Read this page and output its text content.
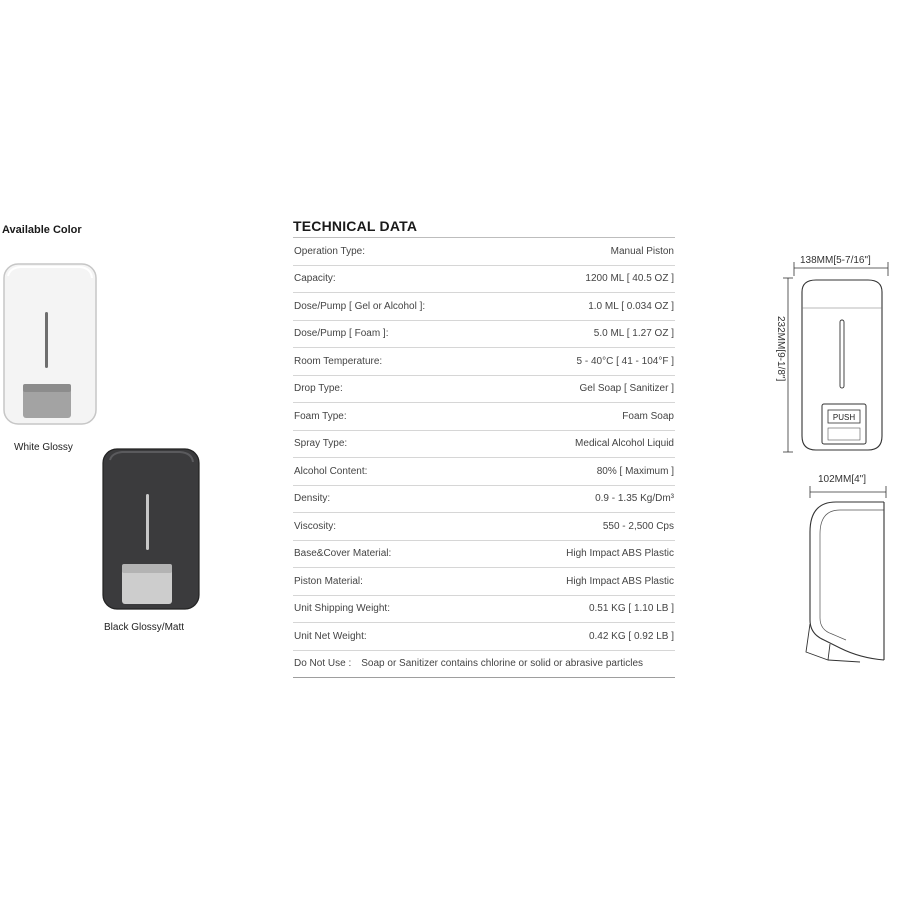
Available Color
White Glossy
Black Glossy/Matt
TECHNICAL DATA
Operation Type:	Manual Piston
Capacity:	1200 ML [ 40.5 OZ ]
Dose/Pump [ Gel or Alcohol ]:	1.0 ML [ 0.034 OZ ]
Dose/Pump [ Foam ]:	5.0 ML [ 1.27 OZ ]
Room Temperature:	5 - 40°C [ 41 - 104°F ]
Drop Type:	Gel Soap [ Sanitizer ]
Foam Type:	Foam Soap
Spray Type:	Medical Alcohol Liquid
Alcohol Content:	80% [ Maximum ]
Density:	0.9 - 1.35 Kg/Dm³
Viscosity:	550 - 2,500 Cps
Base&Cover Material:	High Impact ABS Plastic
Piston Material:	High Impact ABS Plastic
Unit Shipping Weight:	0.51 KG [ 1.10 LB ]
Unit Net Weight:	0.42 KG [ 0.92 LB ]
Do Not Use : Soap or Sanitizer contains chlorine or solid or abrasive particles
PUSH
138MM[5-7/16"]
232MM[9-1/8"]
102MM[4"]
